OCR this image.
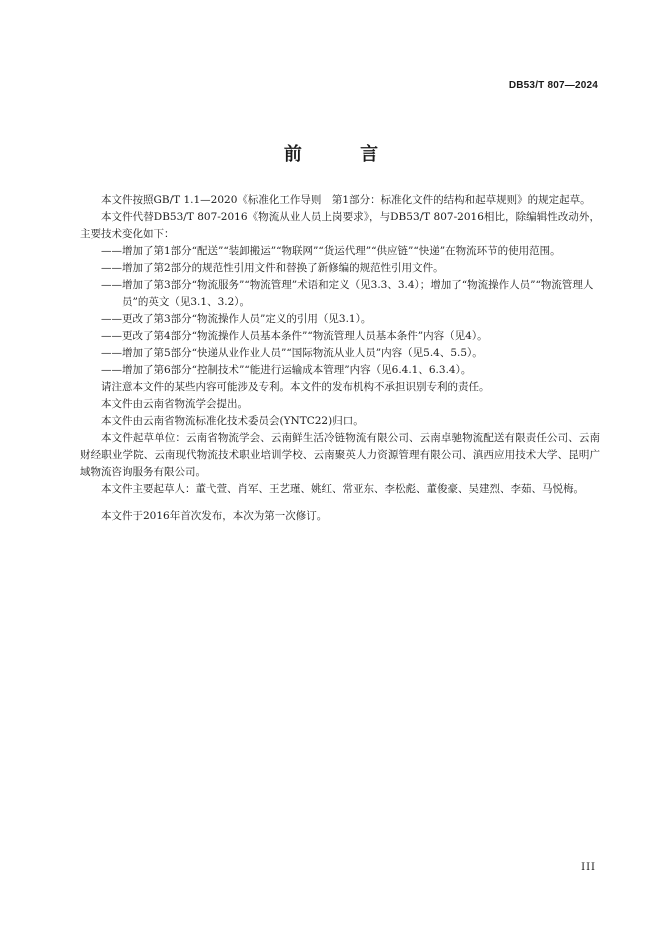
DB53/T 807—2024
前 言

本文件按照GB/T 1.1—2020《标准化工作导则　第1部分：标准化文件的结构和起草规则》的规定起草。

本文件代替DB53/T 807-2016《物流从业人员上岗要求》，与DB53/T 807-2016相比，除编辑性改动外，主要技术变化如下：

——增加了第1部分“配送”“装卸搬运”“物联网”“货运代理”“供应链”“快递”在物流环节的使用范围。

——增加了第2部分的规范性引用文件和替换了新修编的规范性引用文件。

——增加了第3部分“物流服务”“物流管理”术语和定义（见3.3、3.4）；增加了“物流操作人员”“物流管理人员”的英文（见3.1、3.2）。

——更改了第3部分“物流操作人员”定义的引用（见3.1）。

——更改了第4部分“物流操作人员基本条件”“物流管理人员基本条件”内容（见4）。

——增加了第5部分“快递从业作业人员”“国际物流从业人员”内容（见5.4、5.5）。

——增加了第6部分“控制技术”“能进行运输成本管理”内容（见6.4.1、6.3.4）。

请注意本文件的某些内容可能涉及专利。本文件的发布机构不承担识别专利的责任。

本文件由云南省物流学会提出。

本文件由云南省物流标准化技术委员会(YNTC22)归口。

本文件起草单位：云南省物流学会、云南鲜生活冷链物流有限公司、云南卓驰物流配送有限责任公司、云南财经职业学院、云南现代物流技术职业培训学校、云南聚英人力资源管理有限公司、滇西应用技术大学、昆明广域物流咨询服务有限公司。

本文件主要起草人：董弋萱、肖军、王艺瑾、姚红、常亚东、李松彪、董俊豪、吴建烈、李茹、马悦梅。

本文件于2016年首次发布，本次为第一次修订。

III
